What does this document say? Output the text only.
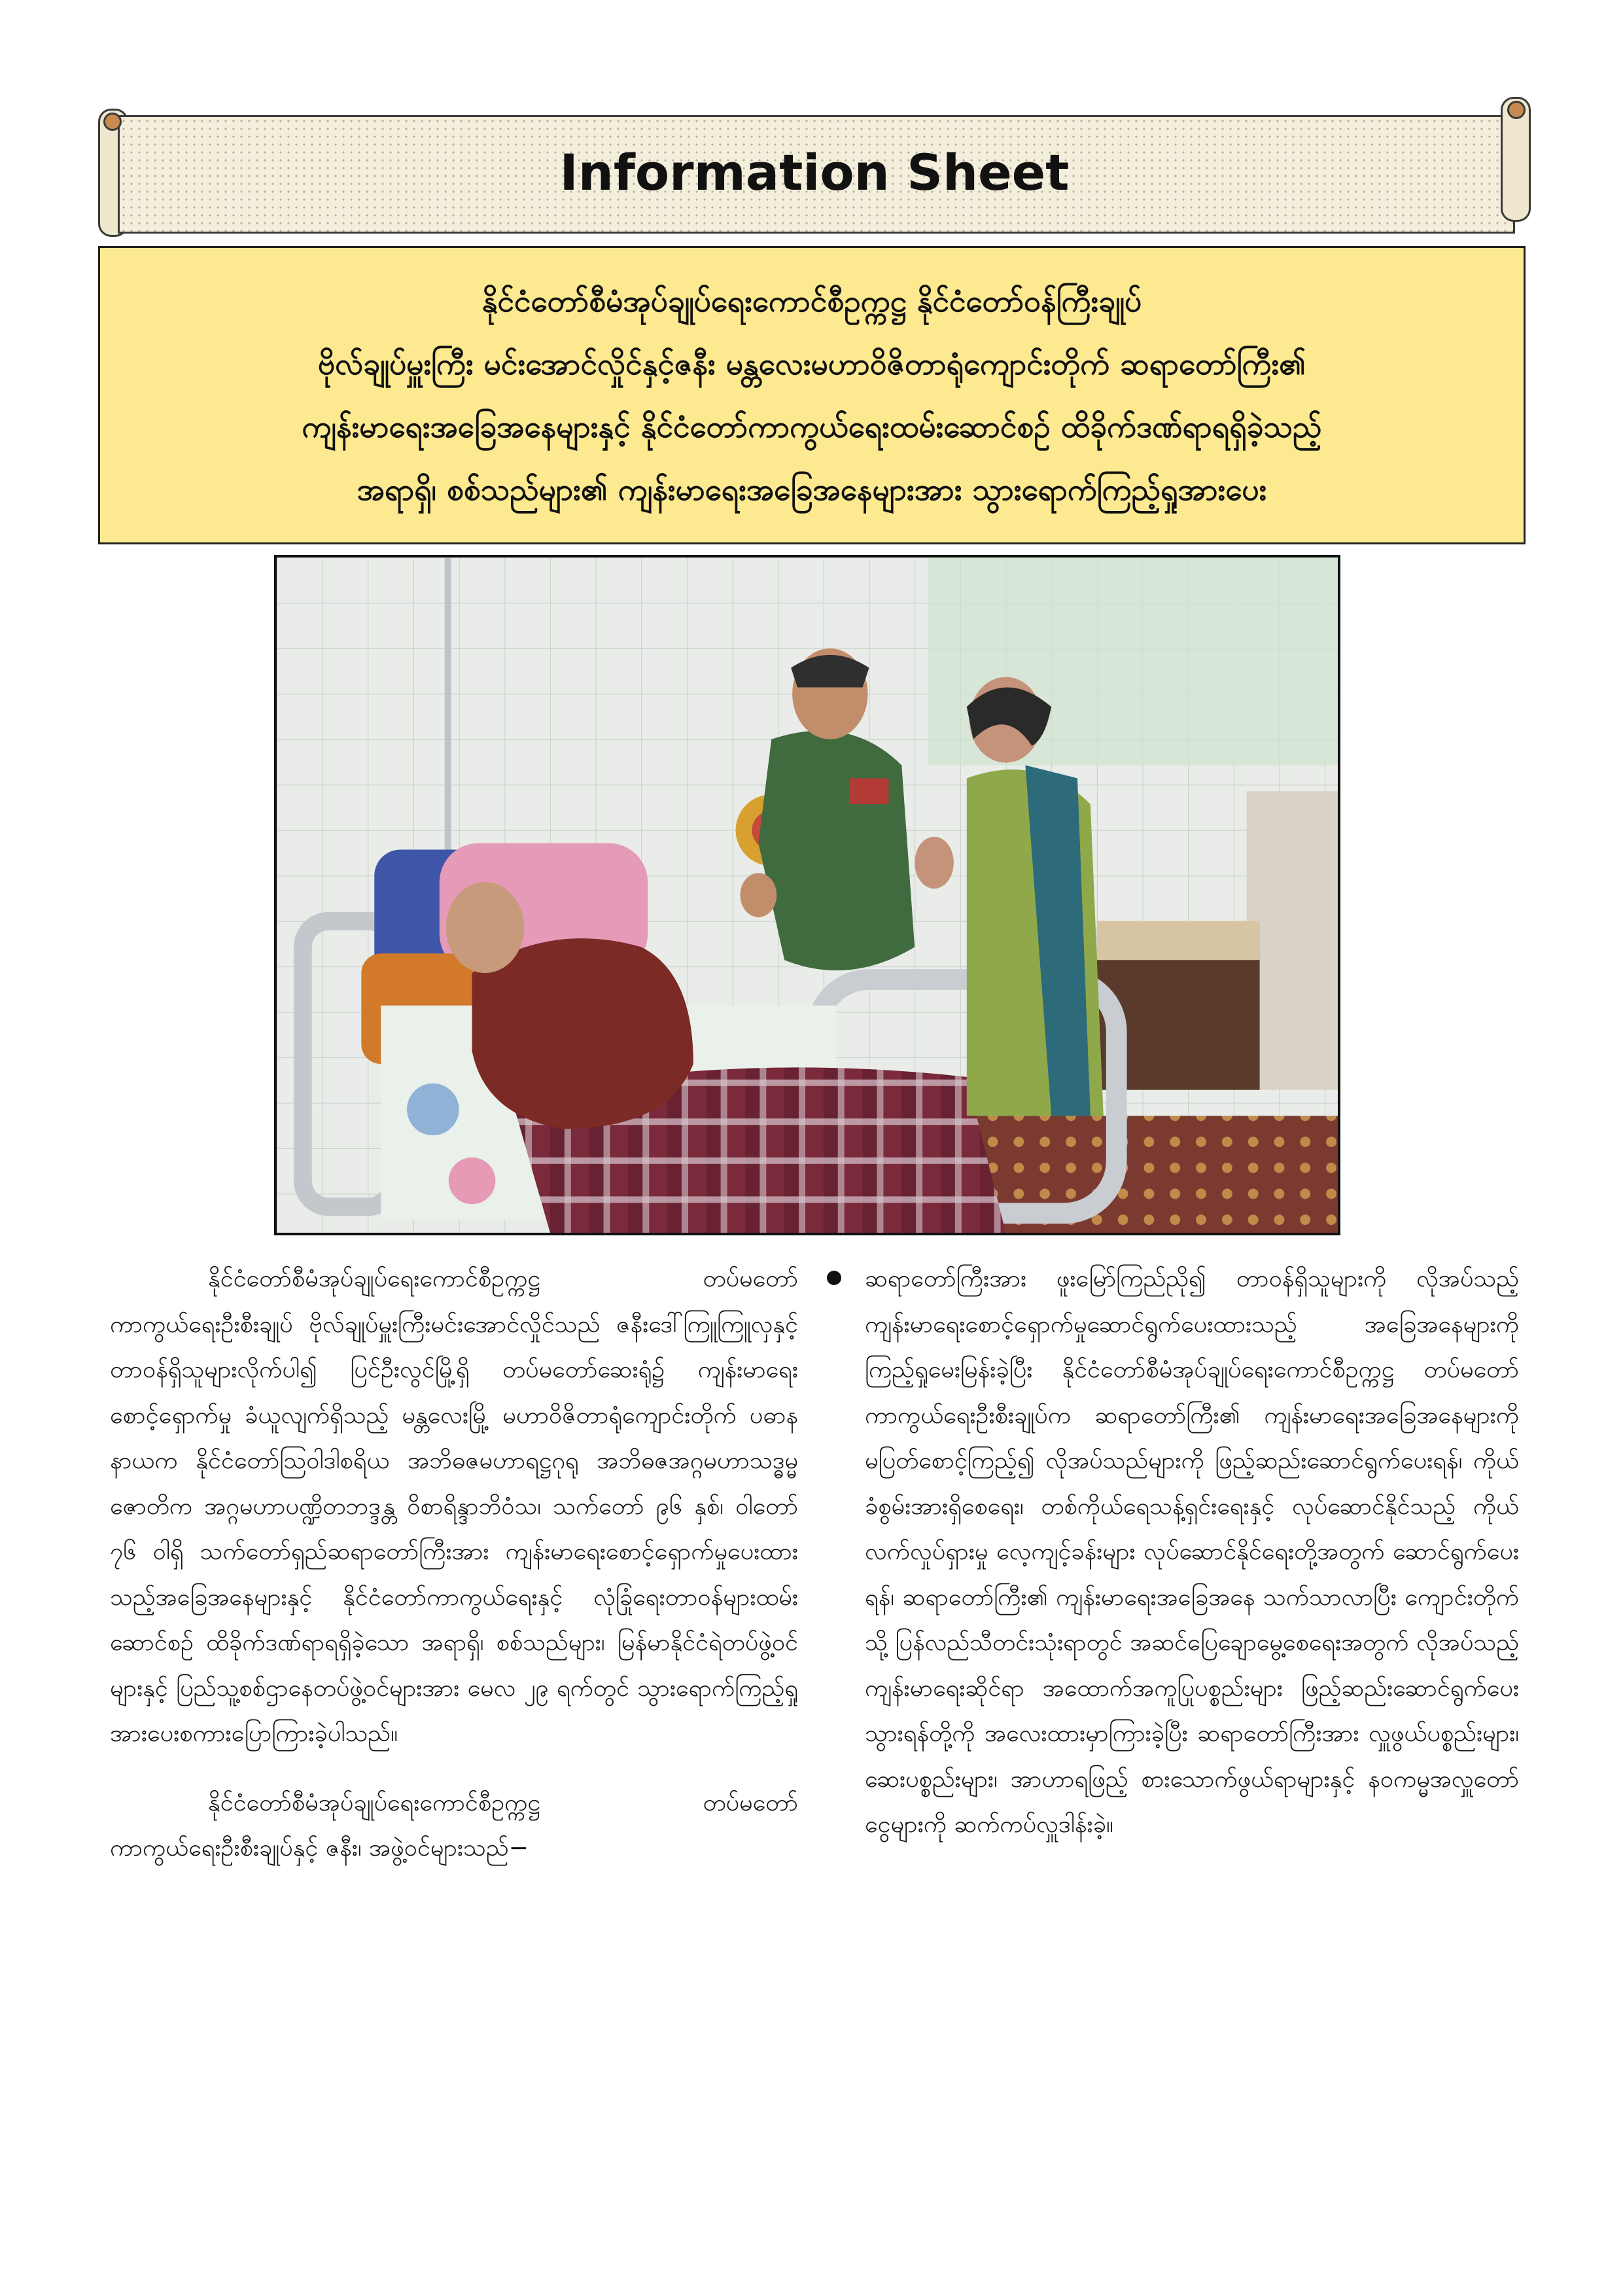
Information Sheet
နိုင်ငံတော်စီမံအုပ်ချုပ်ရေးကောင်စီဥက္ကဋ္ဌ နိုင်ငံတော်ဝန်ကြီးချုပ်
ဗိုလ်ချုပ်မှူးကြီး မင်းအောင်လှိုင်နှင့်ဇနီး မန္တလေးမဟာဝိဇိတာရုံကျောင်းတိုက် ဆရာတော်ကြီး၏
ကျန်းမာရေးအခြေအနေများနှင့် နိုင်ငံတော်ကာကွယ်ရေးထမ်းဆောင်စဉ် ထိခိုက်ဒဏ်ရာရရှိခဲ့သည့်
အရာရှိ၊ စစ်သည်များ၏ ကျန်းမာရေးအခြေအနေများအား သွားရောက်ကြည့်ရှုအားပေး

နိုင်ငံတော်စီမံအုပ်ချုပ်ရေးကောင်စီဥက္ကဋ္ဌ တပ်မတော်ကာကွယ်ရေးဦးစီးချုပ် ဗိုလ်ချုပ်မှူးကြီးမင်းအောင်လှိုင်သည် ဇနီးဒေါ်ကြူကြူလှနှင့် တာဝန်ရှိသူများလိုက်ပါ၍ ပြင်ဦးလွင်မြို့ရှိ တပ်မတော်ဆေးရုံ၌ ကျန်းမာရေးစောင့်ရှောက်မှု ခံယူလျက်ရှိသည့် မန္တလေးမြို့ မဟာဝိဇိတာရုံကျောင်းတိုက် ပဓာနနာယက နိုင်ငံတော်သြဝါဒါစရိယ အဘိဓဇမဟာရဋ္ဌဂုရု အဘိဓဇအဂ္ဂမဟာသဒ္ဓမ္မဇောတိက အဂ္ဂမဟာပဏ္ဍိတဘဒ္ဒန္တ ဝိစာရိန္ဒာဘိဝံသ၊ သက်တော် ၉၆ နှစ်၊ ဝါတော် ၇၆ ဝါရှိ သက်တော်ရှည်ဆရာတော်ကြီးအား ကျန်းမာရေးစောင့်ရှောက်မှုပေးထားသည့်အခြေအနေများနှင့် နိုင်ငံတော်ကာကွယ်ရေးနှင့် လုံခြုံရေးတာဝန်များထမ်းဆောင်စဉ် ထိခိုက်ဒဏ်ရာရရှိခဲ့သော အရာရှိ၊ စစ်သည်များ၊ မြန်မာနိုင်ငံရဲတပ်ဖွဲ့ဝင်များနှင့် ပြည်သူ့စစ်ဌာနေတပ်ဖွဲ့ဝင်များအား မေလ ၂၉ ရက်တွင် သွားရောက်ကြည့်ရှုအားပေးစကားပြောကြားခဲ့ပါသည်။

နိုင်ငံတော်စီမံအုပ်ချုပ်ရေးကောင်စီဥက္ကဋ္ဌ တပ်မတော်ကာကွယ်ရေးဦးစီးချုပ်နှင့် ဇနီး၊ အဖွဲ့ဝင်များသည်−

ဆရာတော်ကြီးအား ဖူးမြော်ကြည်ညို၍ တာဝန်ရှိသူများကို လိုအပ်သည့် ကျန်းမာရေးစောင့်ရှောက်မှုဆောင်ရွက်ပေးထားသည့် အခြေအနေများကို ကြည့်ရှုမေးမြန်းခဲ့ပြီး နိုင်ငံတော်စီမံအုပ်ချုပ်ရေးကောင်စီဥက္ကဋ္ဌ တပ်မတော်ကာကွယ်ရေးဦးစီးချုပ်က ဆရာတော်ကြီး၏ ကျန်းမာရေးအခြေအနေများကို မပြတ်စောင့်ကြည့်၍ လိုအပ်သည်များကို ဖြည့်ဆည်းဆောင်ရွက်ပေးရန်၊ ကိုယ်ခံစွမ်းအားရှိစေရေး၊ တစ်ကိုယ်ရေသန့်ရှင်းရေးနှင့် လုပ်ဆောင်နိုင်သည့် ကိုယ်လက်လှုပ်ရှားမှု လေ့ကျင့်ခန်းများ လုပ်ဆောင်နိုင်ရေးတို့အတွက် ဆောင်ရွက်ပေးရန်၊ ဆရာတော်ကြီး၏ ကျန်းမာရေးအခြေအနေ သက်သာလာပြီး ကျောင်းတိုက်သို့ ပြန်လည်သီတင်းသုံးရာတွင် အဆင်ပြေချောမွေ့စေရေးအတွက် လိုအပ်သည့် ကျန်းမာရေးဆိုင်ရာ အထောက်အကူပြုပစ္စည်းများ ဖြည့်ဆည်းဆောင်ရွက်ပေးသွားရန်တို့ကို အလေးထားမှာကြားခဲ့ပြီး ဆရာတော်ကြီးအား လှူဖွယ်ပစ္စည်းများ၊ ဆေးပစ္စည်းများ၊ အာဟာရဖြည့် စားသောက်ဖွယ်ရာများနှင့် နဝကမ္မအလှူတော်ငွေများကို ဆက်ကပ်လှူဒါန်းခဲ့။
